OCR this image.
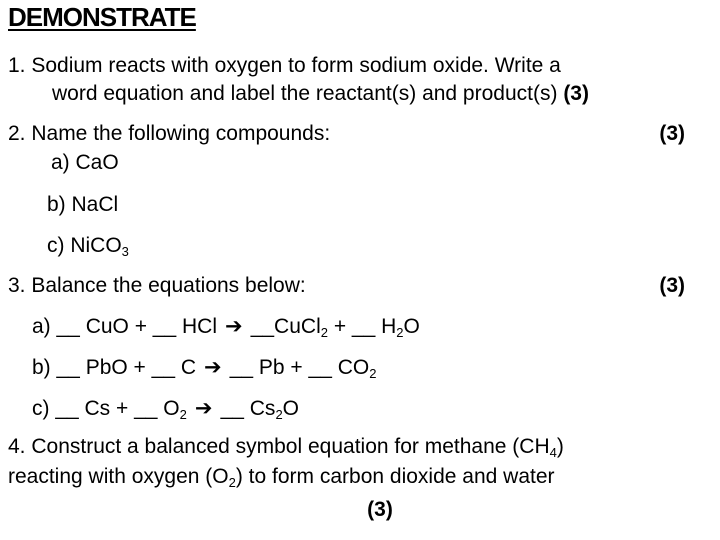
DEMONSTRATE
1. Sodium reacts with oxygen to form sodium oxide. Write a
word equation and label the reactant(s) and product(s) (3)
2. Name the following compounds:	(3)
a) CaO
b) NaCl
c) NiCO$_3$
3. Balance the equations below:	(3)
a) __ CuO + __ HCl ➔ __CuCl$_2$ + __ $H_2O$
b) __ PbO + __ C ➔ __ Pb + __ $CO_2$
c) __ Cs + __ $O_2$ ➔ __ $Cs_2O$
4. Construct a balanced symbol equation for methane $(CH_4)$
reacting with oxygen $(O_2)$ to form carbon dioxide and water
(3)
